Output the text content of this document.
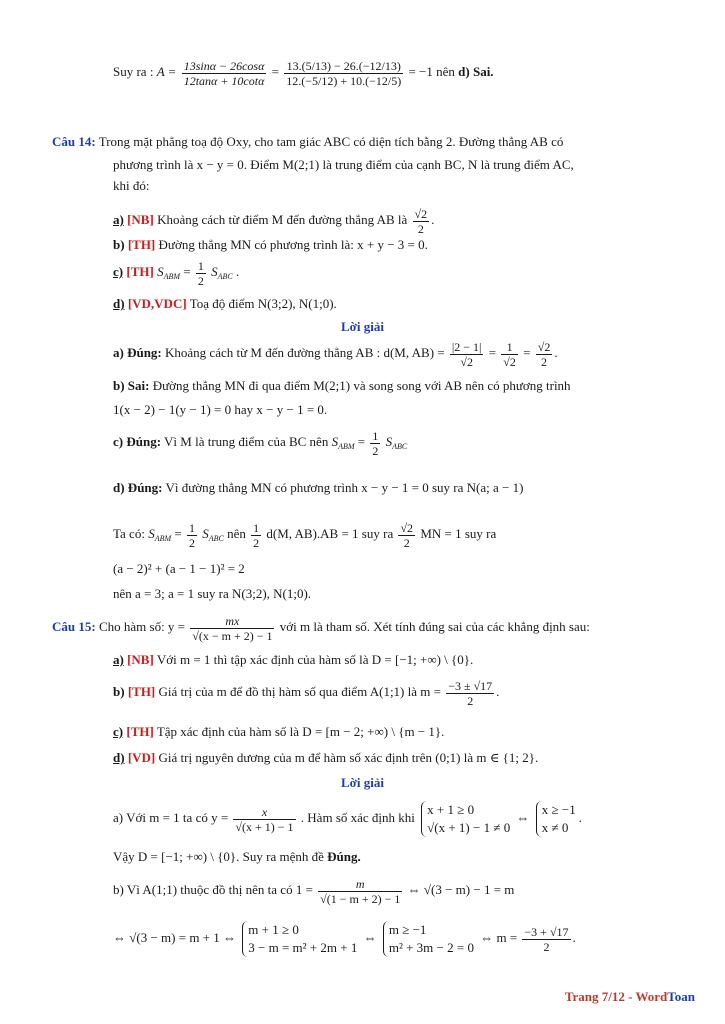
Suy ra : $A = \frac{13\sin\alpha - 26\cos\alpha}{12\tan\alpha + 10\cot\alpha} = \frac{13.(5/13) - 26.(-12/13)}{12.(-5/12) + 10.(-12/5)} = -1$ nên d) Sai.
Câu 14: Trong mặt phẳng toạ độ Oxy, cho tam giác ABC có diện tích bằng 2. Đường thẳng AB có
phương trình là x − y = 0. Điểm M(2;1) là trung điểm của cạnh BC, N là trung điểm AC,
khi đó:
a) [NB] Khoảng cách từ điểm M đến đường thẳng AB là $\frac{√2}{2}$ .
b) [TH] Đường thẳng MN có phương trình là: x + y − 3 = 0.
c) [TH] $S_{ABM} = \frac{1}{2} S_{ABC}$ .
d) [VD,VDC] Toạ độ điểm N(3;2), N(1;0).
Lời giải
a) Đúng: Khoảng cách từ M đến đường thẳng AB : d(M, $AB) = \frac{|2 - 1|}{√2} = \frac{1}{√2} = \frac{√2}{2}$ .
b) Sai: Đường thẳng MN đi qua điểm M(2;1) và song song với AB nên có phương trình
1(x − 2) − 1(y − 1) = 0 hay x − y − 1 = 0.
c) Đúng: Vì M là trung điểm của BC nên $S_{ABM} = \frac{1}{2} S_{ABC}$
d) Đúng: Vì đường thẳng MN có phương trình x − y − 1 = 0 suy ra N(a; a − 1)
Ta có: $S_{ABM} = \frac{1}{2} S_{ABC}$ nên $\frac{1}{2} d(M$, AB).AB = 1 suy ra $\frac{√2}{2}$ MN = 1 suy ra
(a − 2)² + (a − 1 − 1)² = 2
nên a = 3; a = 1 suy ra N(3;2), N(1;0).
Câu 15: Cho hàm số: $y = \frac{mx}{√(x - m + 2) - 1}$ với m là tham số. Xét tính đúng sai của các khẳng định sau:
a) [NB] Với m = 1 thì tập xác định của hàm số là D = [−1; +∞) \ {0}.
b) [TH] Giá trị của m để đồ thị hàm số qua điểm A(1;1) là $m = \frac{-3 \pm √17}{2}$ .
c) [TH] Tập xác định của hàm số là D = [m − 2; +∞) \ {m − 1}.
d) [VD] Giá trị nguyên dương của m để hàm số xác định trên (0;1) là m ∈ {1; 2}.
Lời giải
a) Với m = 1 ta có $y = \frac{x}{√(x + 1) - 1}$ . Hàm số xác định khi
x + 1 ≥ 0
√(x + 1) − 1 ≠ 0
⇔
x ≥ −1
x ≠ 0
.
Vậy D = [−1; +∞) \ {0}. Suy ra mệnh đề Đúng.
b) Vì A(1;1) thuộc đồ thị nên ta có $1 = \frac{m}{√(1 - m + 2) - 1}$ ⇔ √(3 − m) − 1 = m
⇔ √(3 − m) = m + 1 ⇔
m + 1 ≥ 0
3 − m = m² + 2m + 1
⇔
m ≥ −1
m² + 3m − 2 = 0
⇔ $m = \frac{-3 + √17}{2}$ .
Trang 7/12 - WordToan
